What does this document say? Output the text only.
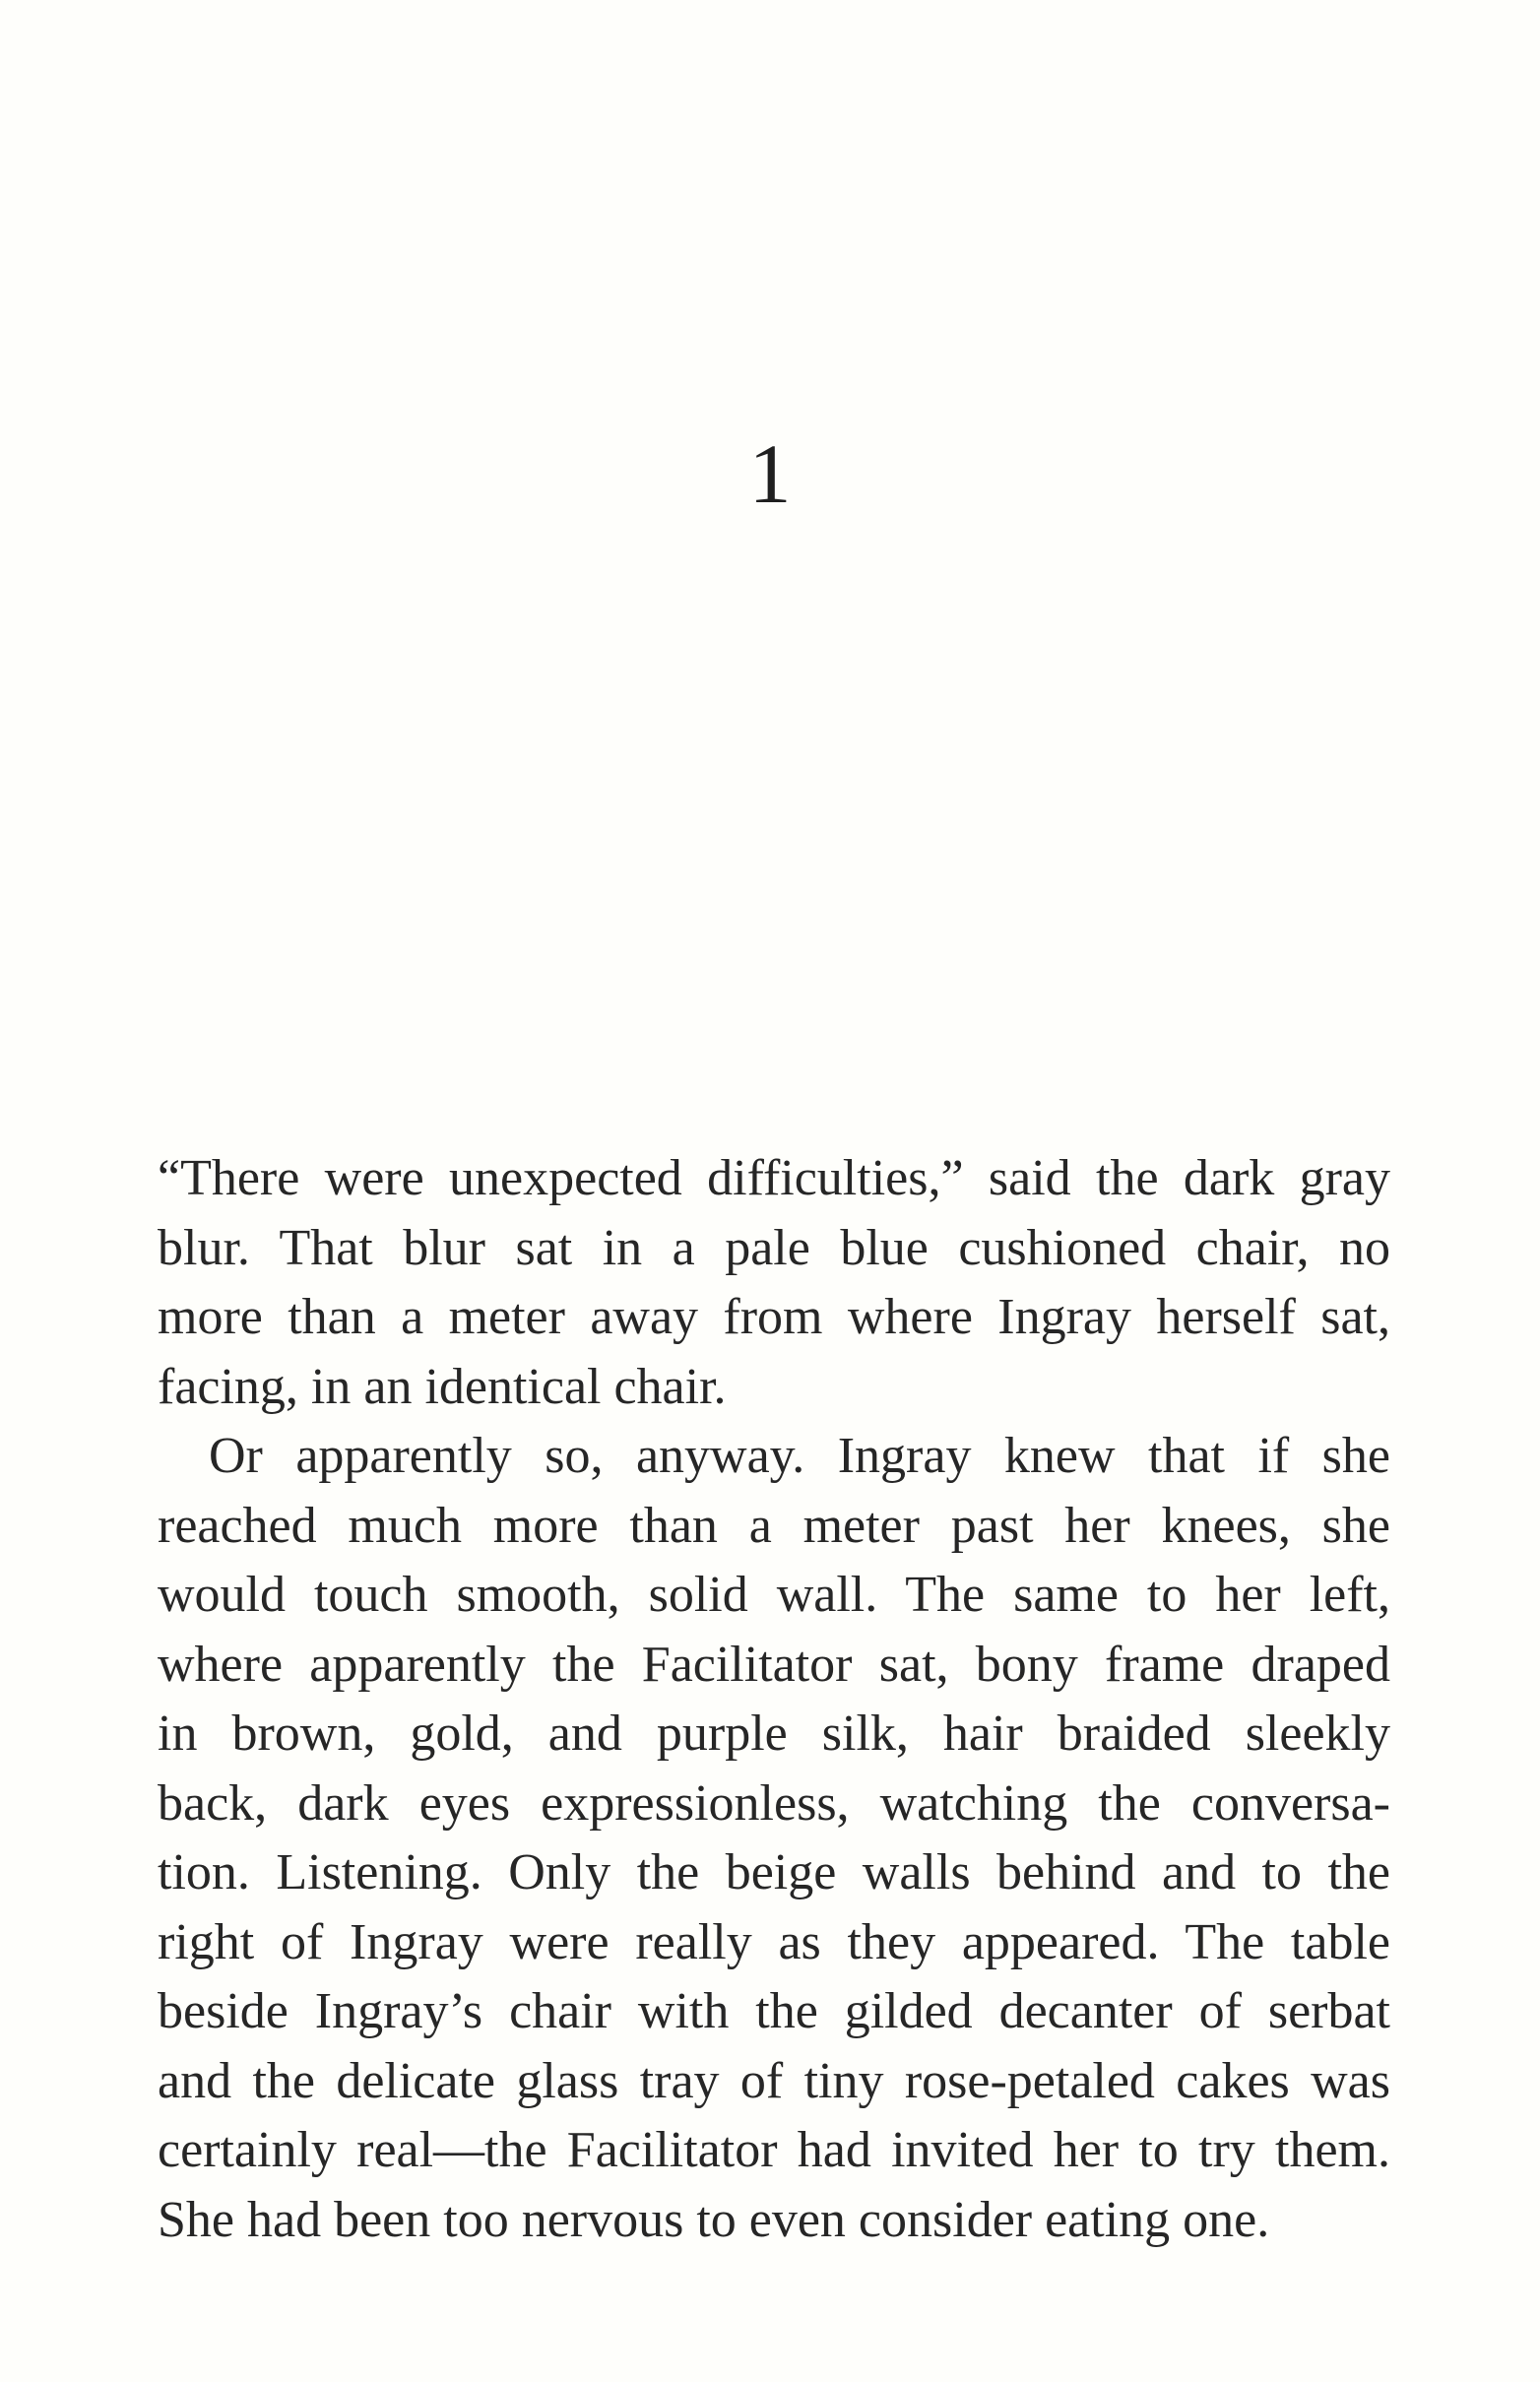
1

“There were unexpected difficulties,” said the dark gray
blur. That blur sat in a pale blue cushioned chair, no
more than a meter away from where Ingray herself sat,
facing, in an identical chair.

Or apparently so, anyway. Ingray knew that if she
reached much more than a meter past her knees, she
would touch smooth, solid wall. The same to her left,
where apparently the Facilitator sat, bony frame draped
in brown, gold, and purple silk, hair braided sleekly
back, dark eyes expressionless, watching the conversa-
tion. Listening. Only the beige walls behind and to the
right of Ingray were really as they appeared. The table
beside Ingray’s chair with the gilded decanter of serbat
and the delicate glass tray of tiny rose-petaled cakes was
certainly real—the Facilitator had invited her to try them.
She had been too nervous to even consider eating one.
